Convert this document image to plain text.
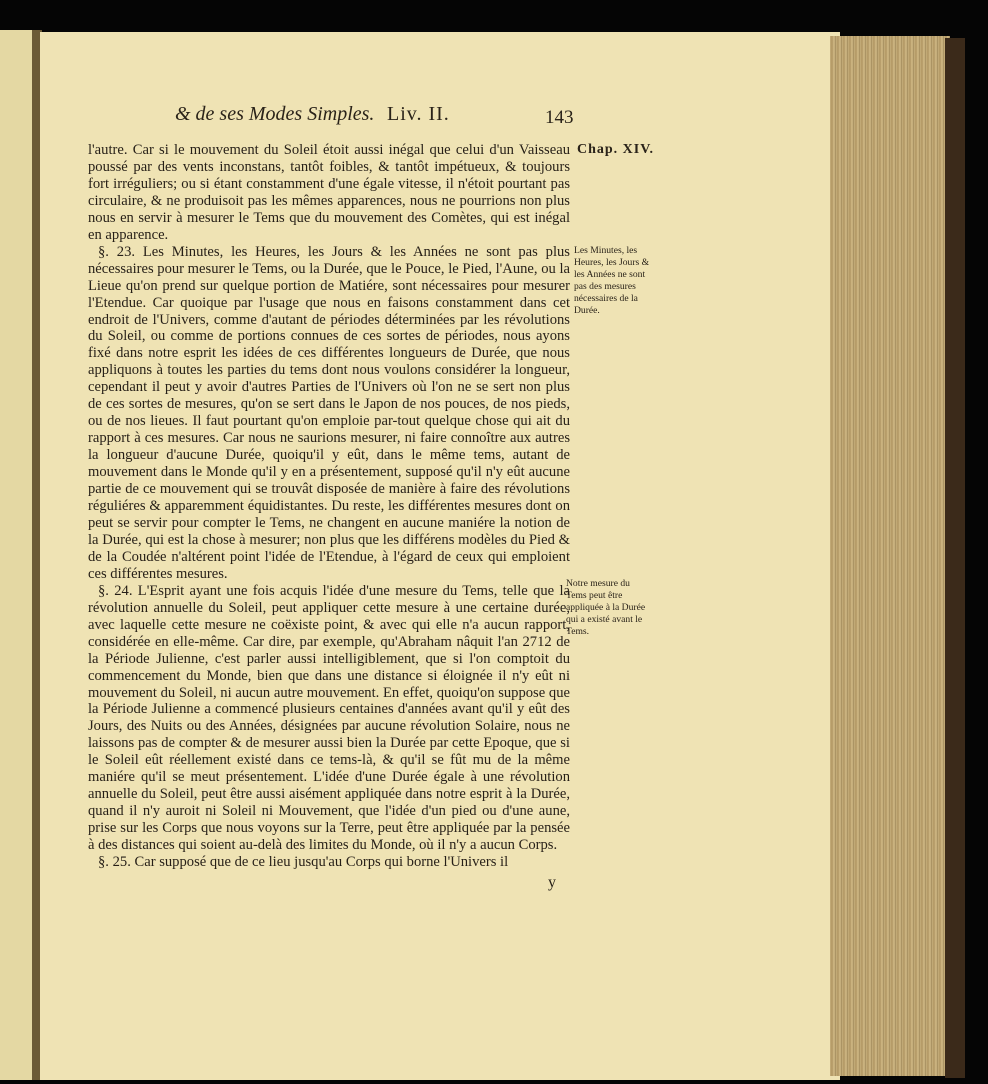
& de ses Modes Simples. Liv. II.	143
Chap. XIV.

l'autre. Car si le mouvement du Soleil étoit aussi inégal que celui d'un Vaisseau poussé par des vents inconstans, tantôt foibles, & tantôt impétueux, & toujours fort irréguliers; ou si étant constamment d'une égale vitesse, il n'étoit pourtant pas circulaire, & ne produisoit pas les mêmes apparences, nous ne pourrions non plus nous en servir à mesurer le Tems que du mouvement des Comètes, qui est inégal en apparence.

§. 23. Les Minutes, les Heures, les Jours & les Années ne sont pas plus nécessaires pour mesurer le Tems, ou la Durée, que le Pouce, le Pied, l'Aune, ou la Lieue qu'on prend sur quelque portion de Matiére, sont nécessaires pour mesurer l'Etendue. Car quoique par l'usage que nous en faisons constamment dans cet endroit de l'Univers, comme d'autant de périodes déterminées par les révolutions du Soleil, ou comme de portions connues de ces sortes de périodes, nous ayons fixé dans notre esprit les idées de ces différentes longueurs de Durée, que nous appliquons à toutes les parties du tems dont nous voulons considérer la longueur, cependant il peut y avoir d'autres Parties de l'Univers où l'on ne se sert non plus de ces sortes de mesures, qu'on se sert dans le Japon de nos pouces, de nos pieds, ou de nos lieues. Il faut pourtant qu'on emploie par-tout quelque chose qui ait du rapport à ces mesures. Car nous ne saurions mesurer, ni faire connoître aux autres la longueur d'aucune Durée, quoiqu'il y eût, dans le même tems, autant de mouvement dans le Monde qu'il y en a présentement, supposé qu'il n'y eût aucune partie de ce mouvement qui se trouvât disposée de manière à faire des révolutions réguliéres & apparemment équidistantes. Du reste, les différentes mesures dont on peut se servir pour compter le Tems, ne changent en aucune maniére la notion de la Durée, qui est la chose à mesurer; non plus que les différens modèles du Pied & de la Coudée n'altérent point l'idée de l'Etendue, à l'égard de ceux qui emploient ces différentes mesures.

§. 24. L'Esprit ayant une fois acquis l'idée d'une mesure du Tems, telle que la révolution annuelle du Soleil, peut appliquer cette mesure à une certaine durée, avec laquelle cette mesure ne coëxiste point, & avec qui elle n'a aucun rapport, considérée en elle-même. Car dire, par exemple, qu'Abraham nâquit l'an 2712 de la Période Julienne, c'est parler aussi intelligiblement, que si l'on comptoit du commencement du Monde, bien que dans une distance si éloignée il n'y eût ni mouvement du Soleil, ni aucun autre mouvement. En effet, quoiqu'on suppose que la Période Julienne a commencé plusieurs centaines d'années avant qu'il y eût des Jours, des Nuits ou des Années, désignées par aucune révolution Solaire, nous ne laissons pas de compter & de mesurer aussi bien la Durée par cette Epoque, que si le Soleil eût réellement existé dans ce tems-là, & qu'il se fût mu de la même maniére qu'il se meut présentement. L'idée d'une Durée égale à une révolution annuelle du Soleil, peut être aussi aisément appliquée dans notre esprit à la Durée, quand il n'y auroit ni Soleil ni Mouvement, que l'idée d'un pied ou d'une aune, prise sur les Corps que nous voyons sur la Terre, peut être appliquée par la pensée à des distances qui soient au-delà des limites du Monde, où il n'y a aucun Corps.

§. 25. Car supposé que de ce lieu jusqu'au Corps qui borne l'Univers il

Les Minutes, les Heures, les Jours & les Années ne sont pas des mesures nécessaires de la Durée.
Notre mesure du Tems peut être appliquée à la Durée qui a existé avant le Tems.
y
